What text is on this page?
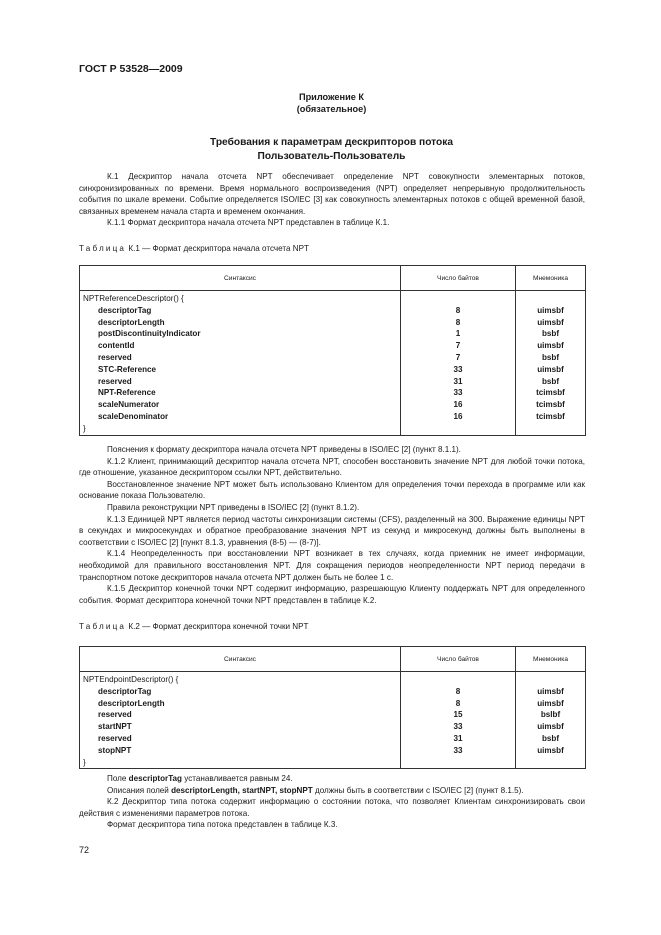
ГОСТ Р 53528—2009
Приложение К
(обязательное)
Требования к параметрам дескрипторов потока
Пользователь-Пользователь

К.1 Дескриптор начала отсчета NPT обеспечивает определение NPT совокупности элементарных потоков, синхронизированных по времени. Время нормального воспроизведения (NPT) определяет непрерывную продолжительность события по шкале времени. Событие определяется ISO/IEC [3] как совокупность элементарных потоков с общей временной базой, связанных временем начала старта и временем окончания.

К.1.1 Формат дескриптора начала отсчета NPT представлен в таблице К.1.

Таблица К.1 — Формат дескриптора начала отсчета NPT
Синтаксис	Число байтов	Мнемоника
NPTReferenceDescriptor() {		
descriptorTag	8	uimsbf
descriptorLength	8	uimsbf
postDiscontinuityIndicator	1	bsbf
contentId	7	uimsbf
reserved	7	bsbf
STC-Reference	33	uimsbf
reserved	31	bsbf
NPT-Reference	33	tcimsbf
scaleNumerator	16	tcimsbf
scaleDenominator	16	tcimsbf
}		

Пояснения к формату дескриптора начала отсчета NPT приведены в ISO/IEC [2] (пункт 8.1.1).

К.1.2 Клиент, принимающий дескриптор начала отсчета NPT, способен восстановить значение NPT для любой точки потока, где отношение, указанное дескриптором ссылки NPT, действительно.

Восстановленное значение NPT может быть использовано Клиентом для определения точки перехода в программе или как основание показа Пользователю.

Правила реконструкции NPT приведены в ISO/IEC [2] (пункт 8.1.2).

К.1.3 Единицей NPT является период частоты синхронизации системы (CFS), разделенный на 300. Выражение единицы NPT в секундах и микросекундах и обратное преобразование значения NPT из секунд и микросекунд должны быть выполнены в соответствии с ISO/IEC [2] [пункт 8.1.3, уравнения (8-5) — (8-7)].

К.1.4 Неопределенность при восстановлении NPT возникает в тех случаях, когда приемник не имеет информации, необходимой для правильного восстановления NPT. Для сокращения периодов неопределенности NPT период передачи в транспортном потоке дескрипторов начала отсчета NPT должен быть не более 1 с.

К.1.5 Дескриптор конечной точки NPT содержит информацию, разрешающую Клиенту поддержать NPT для определенного события. Формат дескриптора конечной точки NPT представлен в таблице К.2.

Таблица К.2 — Формат дескриптора конечной точки NPT
Синтаксис	Число байтов	Мнемоника
NPTEndpointDescriptor() {		
descriptorTag	8	uimsbf
descriptorLength	8	uimsbf
reserved	15	bslbf
startNPT	33	uimsbf
reserved	31	bsbf
stopNPT	33	uimsbf
}		

Поле descriptorTag устанавливается равным 24.

Описания полей descriptorLength, startNPT, stopNPT должны быть в соответствии с ISO/IEC [2] (пункт 8.1.5).

К.2 Дескриптор типа потока содержит информацию о состоянии потока, что позволяет Клиентам синхронизировать свои действия с изменениями параметров потока.

Формат дескриптора типа потока представлен в таблице К.3.

72
